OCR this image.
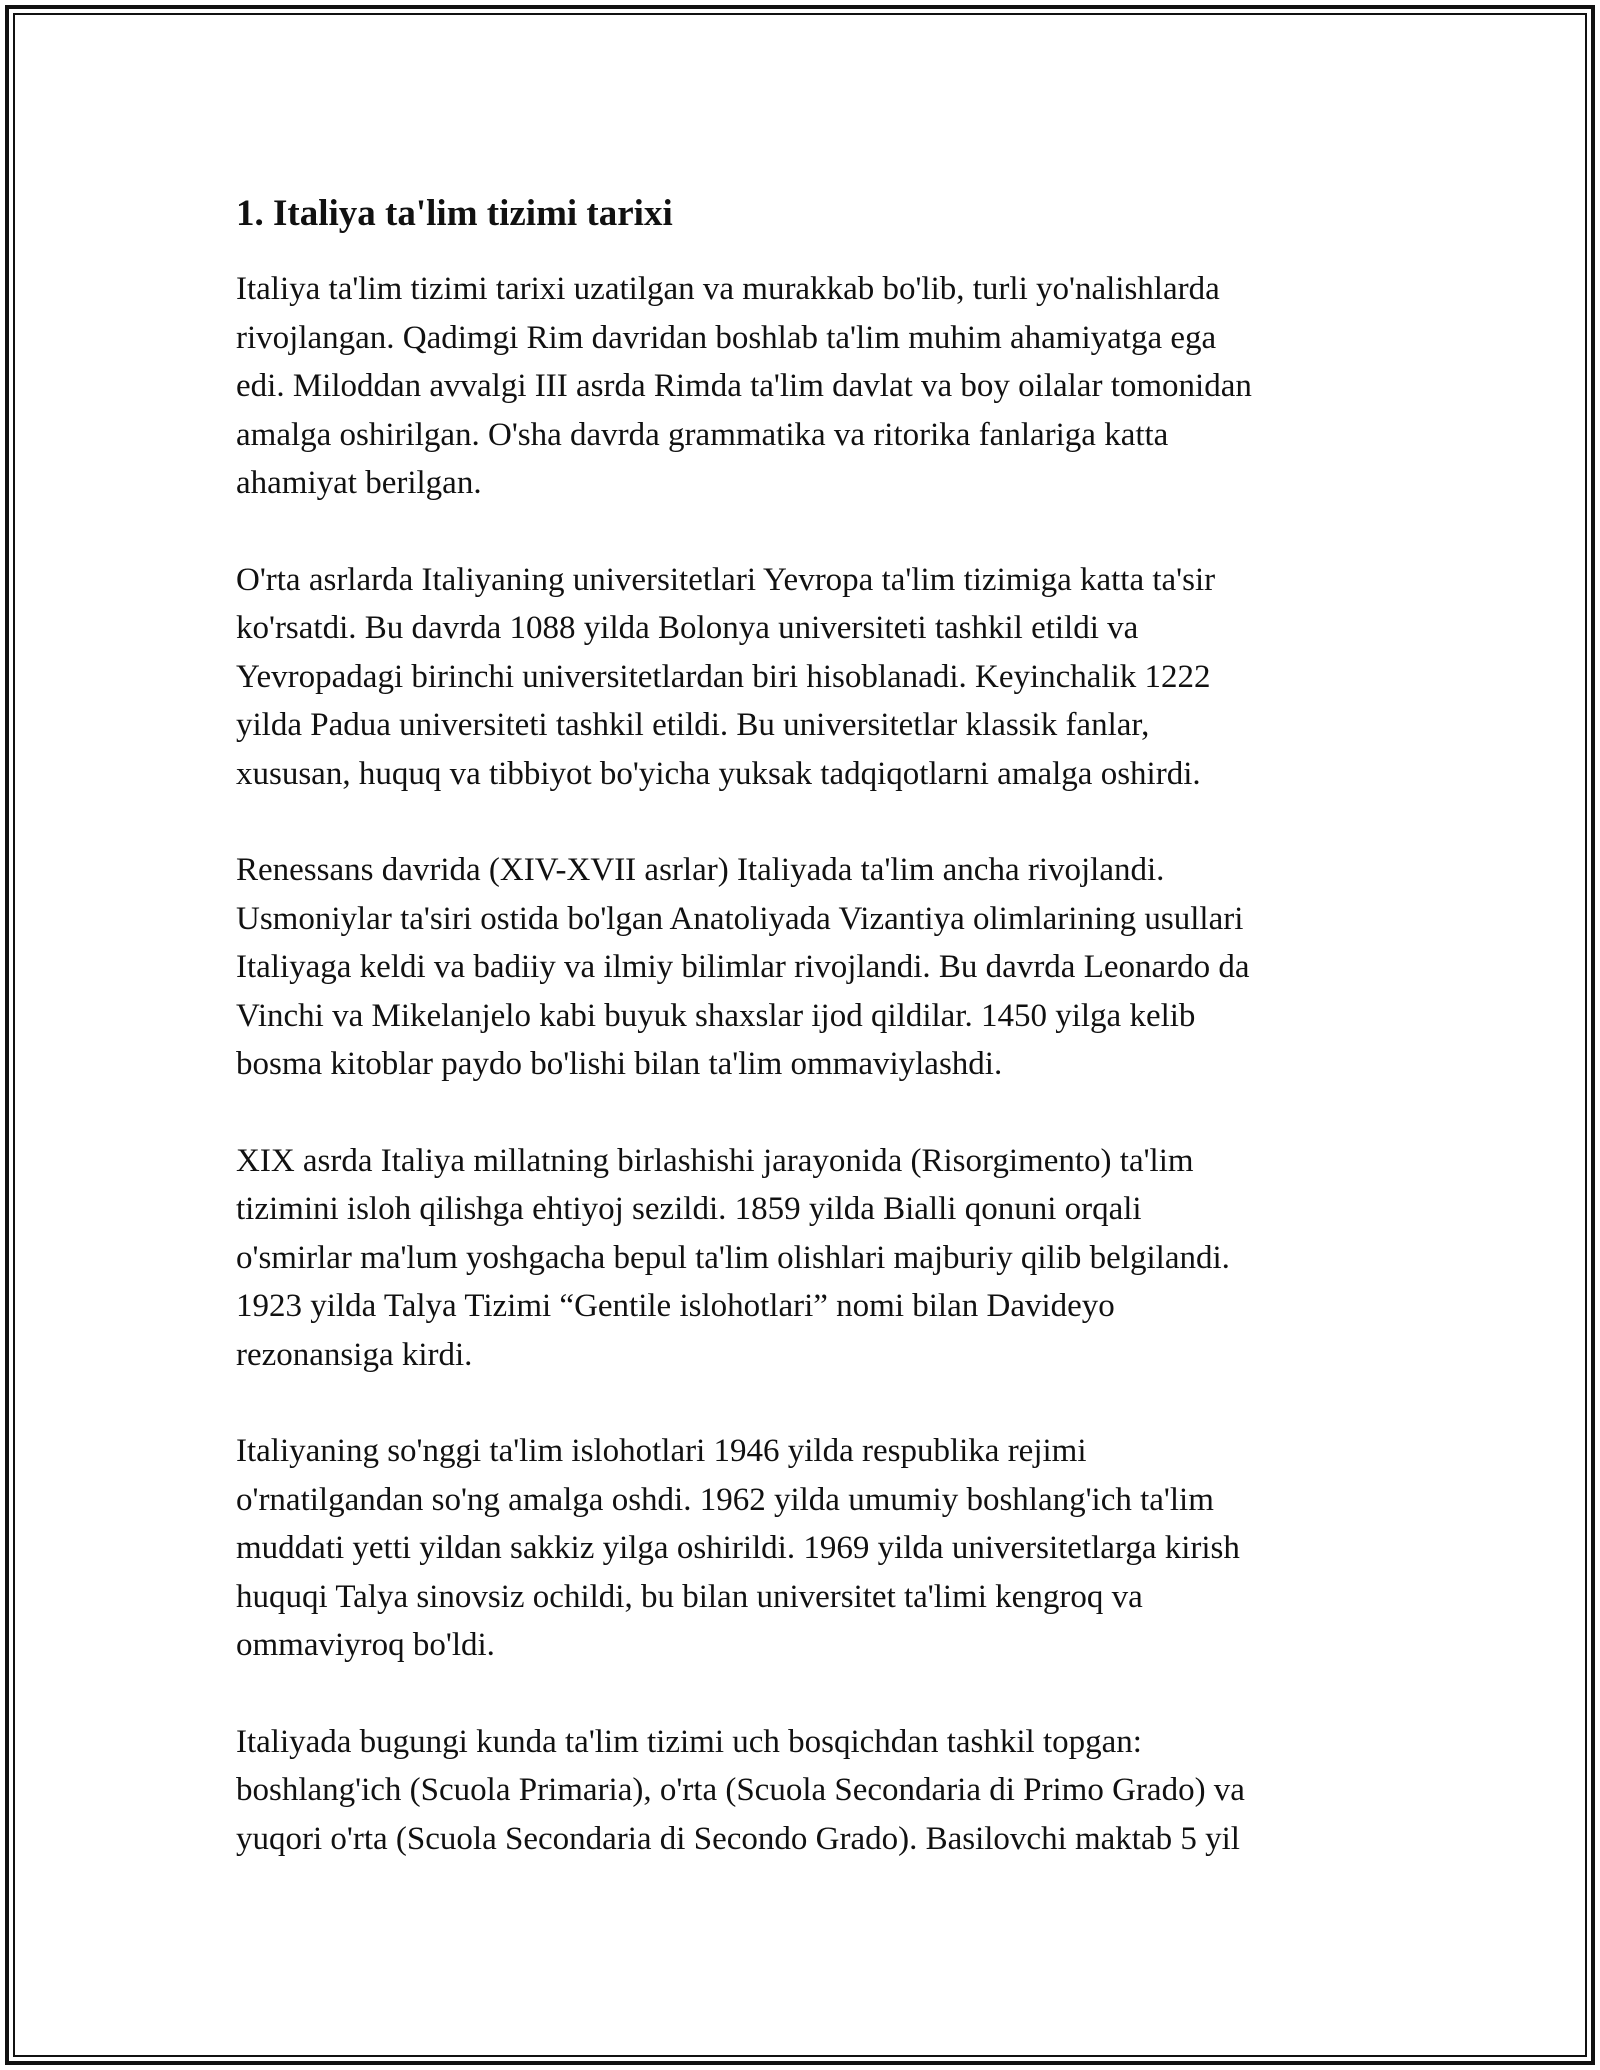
1. Italiya ta'lim tizimi tarixi

Italiya ta'lim tizimi tarixi uzatilgan va murakkab bo'lib, turli yo'nalishlarda
rivojlangan. Qadimgi Rim davridan boshlab ta'lim muhim ahamiyatga ega
edi. Miloddan avvalgi III asrda Rimda ta'lim davlat va boy oilalar tomonidan
amalga oshirilgan. O'sha davrda grammatika va ritorika fanlariga katta
ahamiyat berilgan.

O'rta asrlarda Italiyaning universitetlari Yevropa ta'lim tizimiga katta ta'sir
ko'rsatdi. Bu davrda 1088 yilda Bolonya universiteti tashkil etildi va
Yevropadagi birinchi universitetlardan biri hisoblanadi. Keyinchalik 1222
yilda Padua universiteti tashkil etildi. Bu universitetlar klassik fanlar,
xususan, huquq va tibbiyot bo'yicha yuksak tadqiqotlarni amalga oshirdi.

Renessans davrida (XIV-XVII asrlar) Italiyada ta'lim ancha rivojlandi.
Usmoniylar ta'siri ostida bo'lgan Anatoliyada Vizantiya olimlarining usullari
Italiyaga keldi va badiiy va ilmiy bilimlar rivojlandi. Bu davrda Leonardo da
Vinchi va Mikelanjelo kabi buyuk shaxslar ijod qildilar. 1450 yilga kelib
bosma kitoblar paydo bo'lishi bilan ta'lim ommaviylashdi.

XIX asrda Italiya millatning birlashishi jarayonida (Risorgimento) ta'lim
tizimini isloh qilishga ehtiyoj sezildi. 1859 yilda Bialli qonuni orqali
o'smirlar ma'lum yoshgacha bepul ta'lim olishlari majburiy qilib belgilandi.
1923 yilda Talya Tizimi “Gentile islohotlari” nomi bilan Davideyo
rezonansiga kirdi.

Italiyaning so'nggi ta'lim islohotlari 1946 yilda respublika rejimi
o'rnatilgandan so'ng amalga oshdi. 1962 yilda umumiy boshlang'ich ta'lim
muddati yetti yildan sakkiz yilga oshirildi. 1969 yilda universitetlarga kirish
huquqi Talya sinovsiz ochildi, bu bilan universitet ta'limi kengroq va
ommaviyroq bo'ldi.

Italiyada bugungi kunda ta'lim tizimi uch bosqichdan tashkil topgan:
boshlang'ich (Scuola Primaria), o'rta (Scuola Secondaria di Primo Grado) va
yuqori o'rta (Scuola Secondaria di Secondo Grado). Basilovchi maktab 5 yil
